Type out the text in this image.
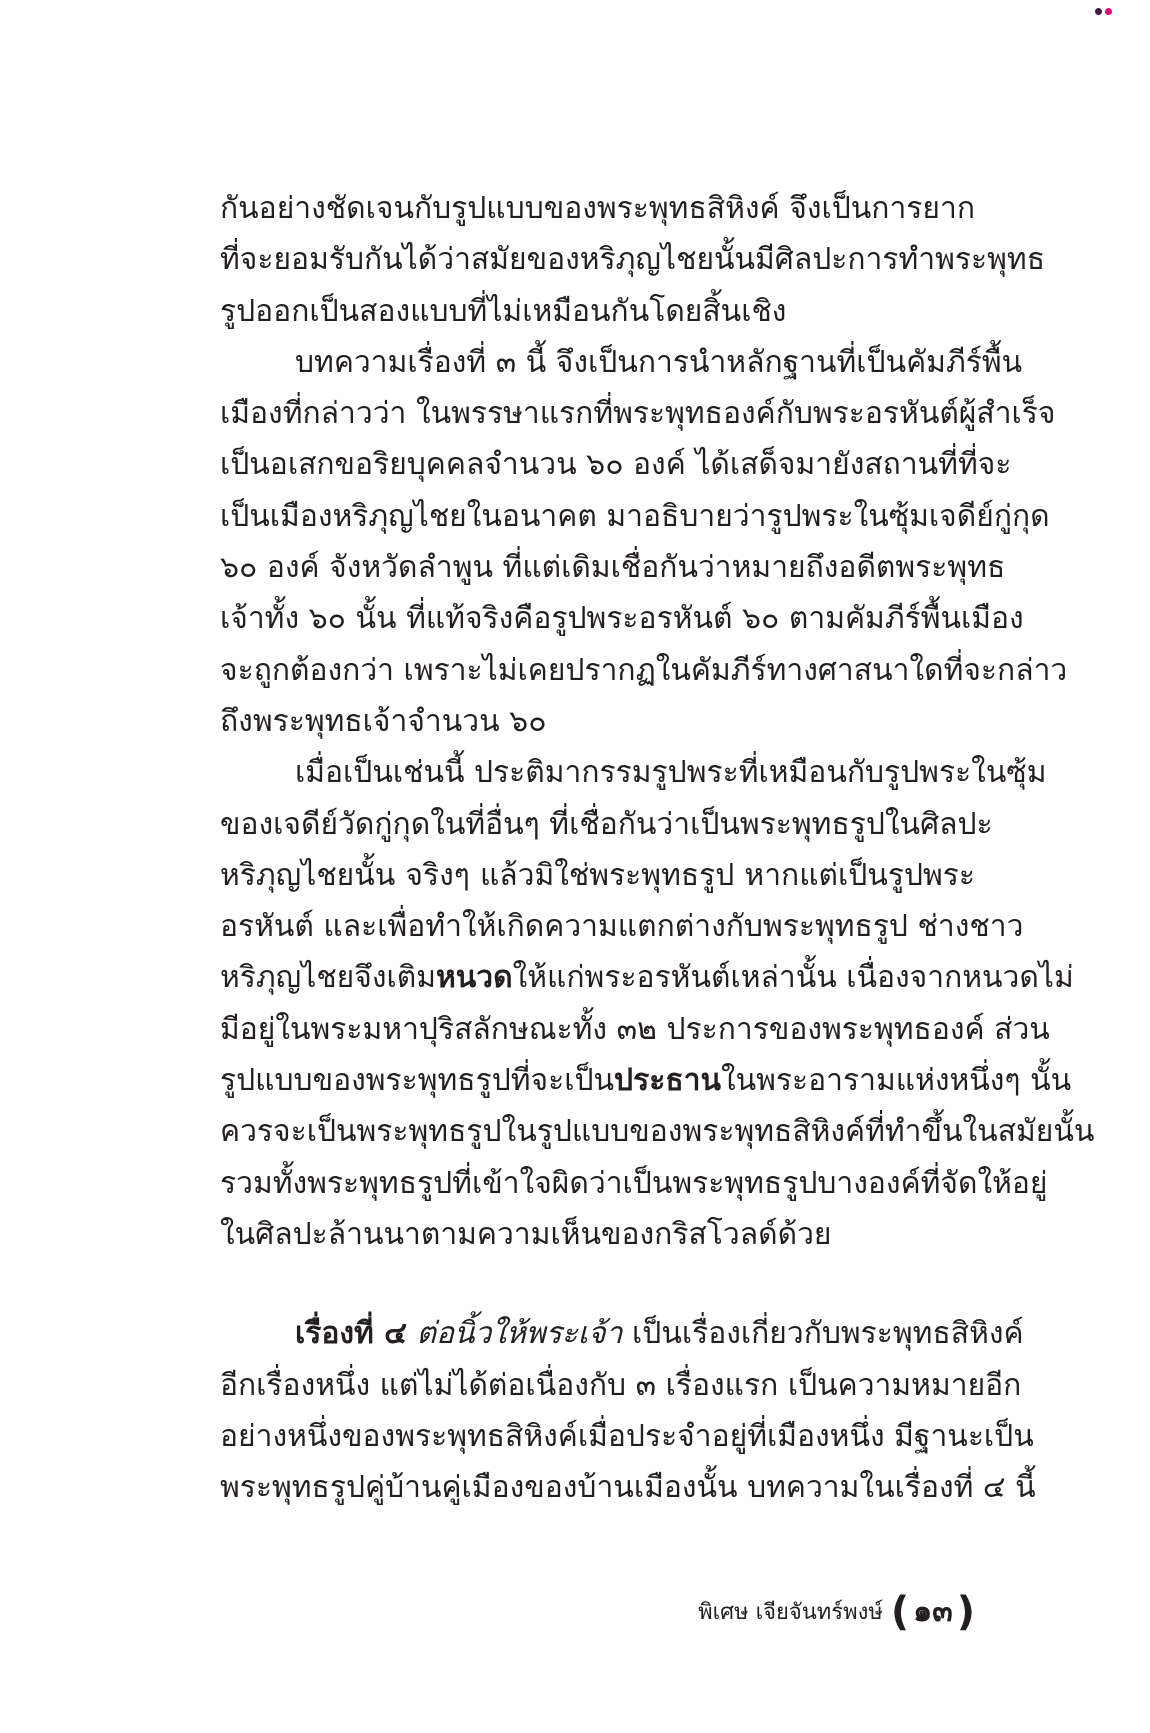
กันอย่างชัดเจนกับรูปแบบของพระพุทธสิหิงค์ จึงเป็นการยาก
ที่จะยอมรับกันได้ว่าสมัยของหริภุญไชยนั้นมีศิลปะการทำพระพุทธ
รูปออกเป็นสองแบบที่ไม่เหมือนกันโดยสิ้นเชิง
บทความเรื่องที่ ๓ นี้ จึงเป็นการนำหลักฐานที่เป็นคัมภีร์พื้น
เมืองที่กล่าวว่า ในพรรษาแรกที่พระพุทธองค์กับพระอรหันต์ผู้สำเร็จ
เป็นอเสกขอริยบุคคลจำนวน ๖๐ องค์ ได้เสด็จมายังสถานที่ที่จะ
เป็นเมืองหริภุญไชยในอนาคต มาอธิบายว่ารูปพระในซุ้มเจดีย์กู่กุด
๖๐ องค์ จังหวัดลำพูน ที่แต่เดิมเชื่อกันว่าหมายถึงอดีตพระพุทธ
เจ้าทั้ง ๖๐ นั้น ที่แท้จริงคือรูปพระอรหันต์ ๖๐ ตามคัมภีร์พื้นเมือง
จะถูกต้องกว่า เพราะไม่เคยปรากฏในคัมภีร์ทางศาสนาใดที่จะกล่าว
ถึงพระพุทธเจ้าจำนวน ๖๐
เมื่อเป็นเช่นนี้ ประติมากรรมรูปพระที่เหมือนกับรูปพระในซุ้ม
ของเจดีย์วัดกู่กุดในที่อื่นๆ ที่เชื่อกันว่าเป็นพระพุทธรูปในศิลปะ
หริภุญไชยนั้น จริงๆ แล้วมิใช่พระพุทธรูป หากแต่เป็นรูปพระ
อรหันต์ และเพื่อทำให้เกิดความแตกต่างกับพระพุทธรูป ช่างชาว
หริภุญไชยจึงเติมหนวดให้แก่พระอรหันต์เหล่านั้น เนื่องจากหนวดไม่
มีอยู่ในพระมหาปุริสลักษณะทั้ง ๓๒ ประการของพระพุทธองค์ ส่วน
รูปแบบของพระพุทธรูปที่จะเป็นประธานในพระอารามแห่งหนึ่งๆ นั้น
ควรจะเป็นพระพุทธรูปในรูปแบบของพระพุทธสิหิงค์ที่ทำขึ้นในสมัยนั้น
รวมทั้งพระพุทธรูปที่เข้าใจผิดว่าเป็นพระพุทธรูปบางองค์ที่จัดให้อยู่
ในศิลปะล้านนาตามความเห็นของกริสโวลด์ด้วย
เรื่องที่ ๔ ต่อนิ้วให้พระเจ้า เป็นเรื่องเกี่ยวกับพระพุทธสิหิงค์
อีกเรื่องหนึ่ง แต่ไม่ได้ต่อเนื่องกับ ๓ เรื่องแรก เป็นความหมายอีก
อย่างหนึ่งของพระพุทธสิหิงค์เมื่อประจำอยู่ที่เมืองหนึ่ง มีฐานะเป็น
พระพุทธรูปคู่บ้านคู่เมืองของบ้านเมืองนั้น บทความในเรื่องที่ ๔ นี้
พิเศษ เจียจันทร์พงษ์ ( ๑๓ )
